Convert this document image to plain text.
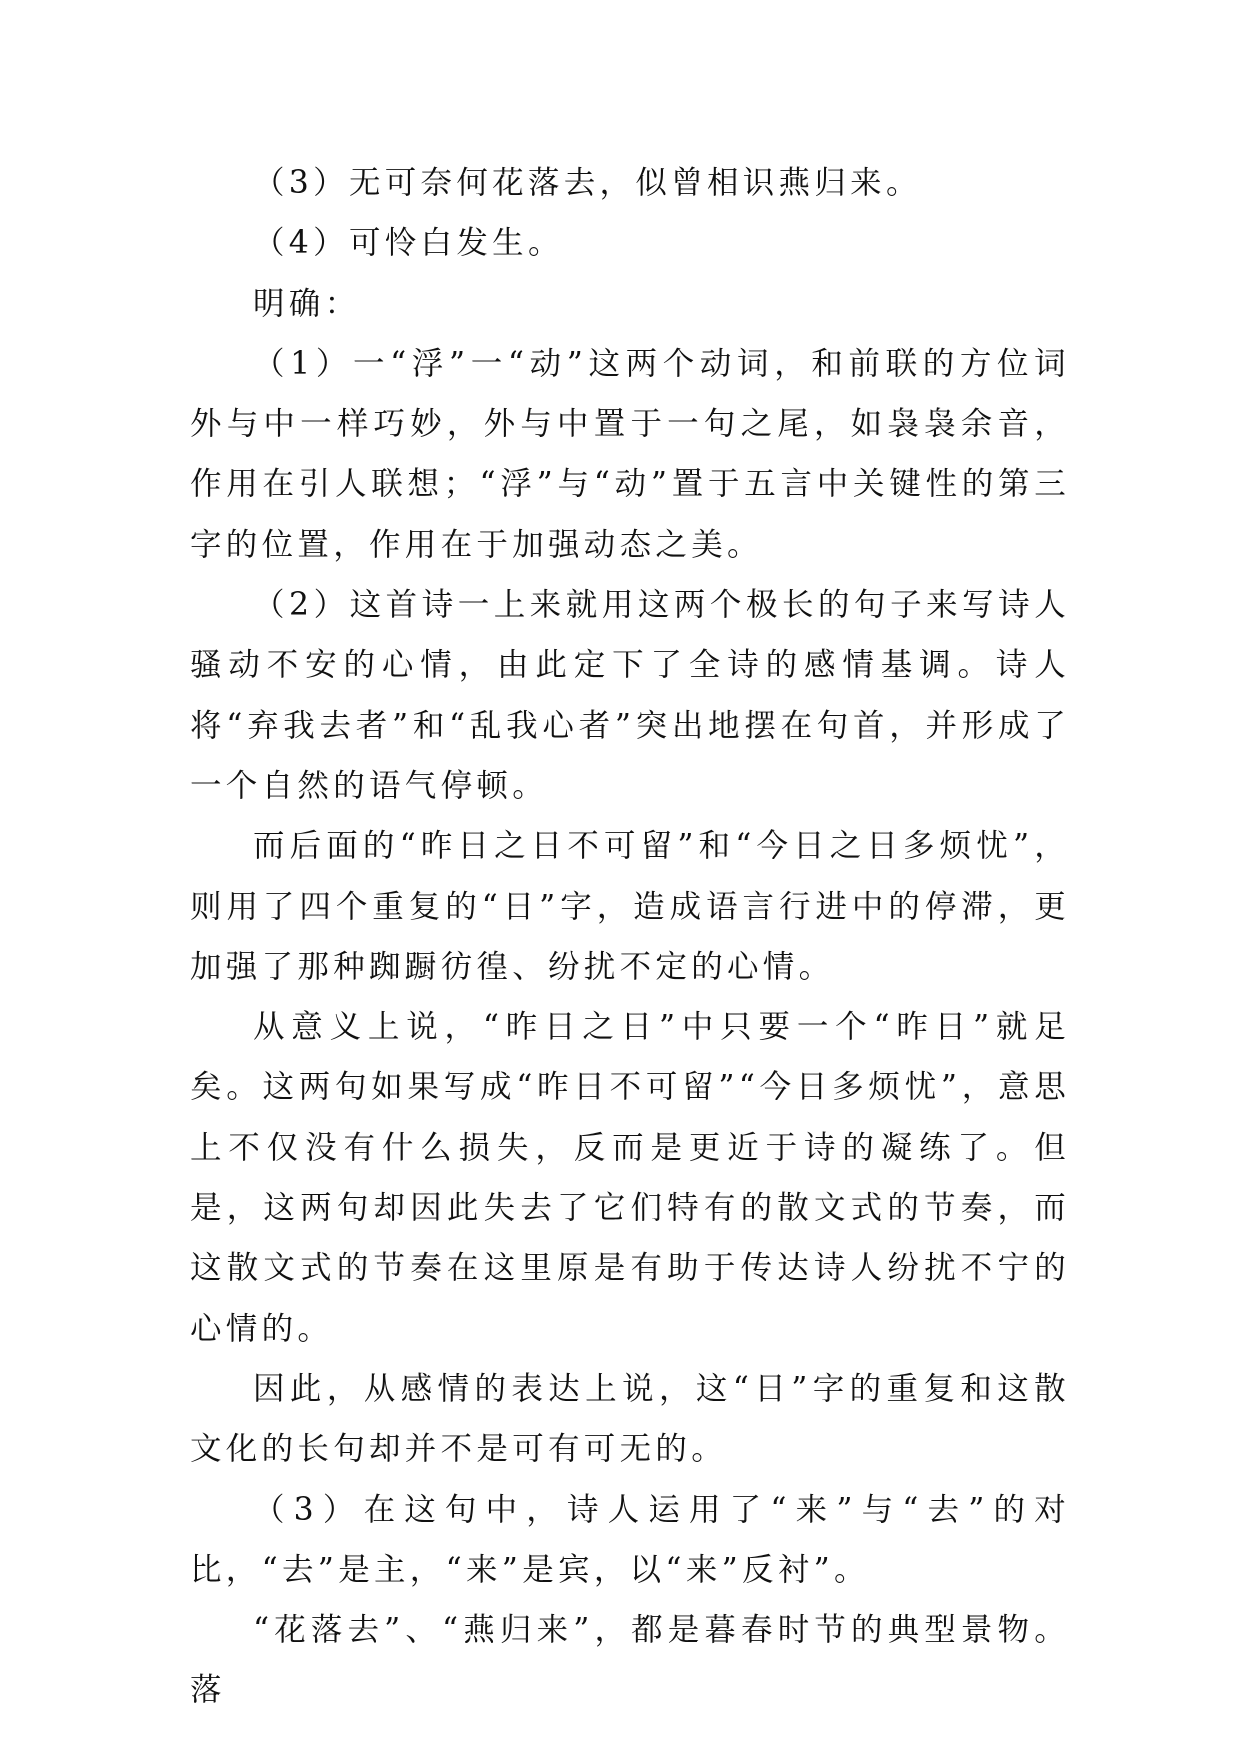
（3）无可奈何花落去，似曾相识燕归来。

（4）可怜白发生。

明确：

（1）一“浮”一“动”这两个动词，和前联的方位词外与中一样巧妙，外与中置于一句之尾，如袅袅余音，作用在引人联想；“浮”与“动”置于五言中关键性的第三字的位置，作用在于加强动态之美。

（2）这首诗一上来就用这两个极长的句子来写诗人骚动不安的心情，由此定下了全诗的感情基调。诗人将“弃我去者”和“乱我心者”突出地摆在句首，并形成了一个自然的语气停顿。

而后面的“昨日之日不可留”和“今日之日多烦忧”，则用了四个重复的“日”字，造成语言行进中的停滞，更加强了那种踟蹰彷徨、纷扰不定的心情。

从意义上说，“昨日之日”中只要一个“昨日”就足矣。这两句如果写成“昨日不可留”“今日多烦忧”，意思上不仅没有什么损失，反而是更近于诗的凝练了。但是，这两句却因此失去了它们特有的散文式的节奏，而这散文式的节奏在这里原是有助于传达诗人纷扰不宁的心情的。

因此，从感情的表达上说，这“日”字的重复和这散文化的长句却并不是可有可无的。

（3）在这句中，诗人运用了“来”与“去”的对比，“去”是主，“来”是宾，以“来”反衬”。

“花落去”、“燕归来”，都是暮春时节的典型景物。落
